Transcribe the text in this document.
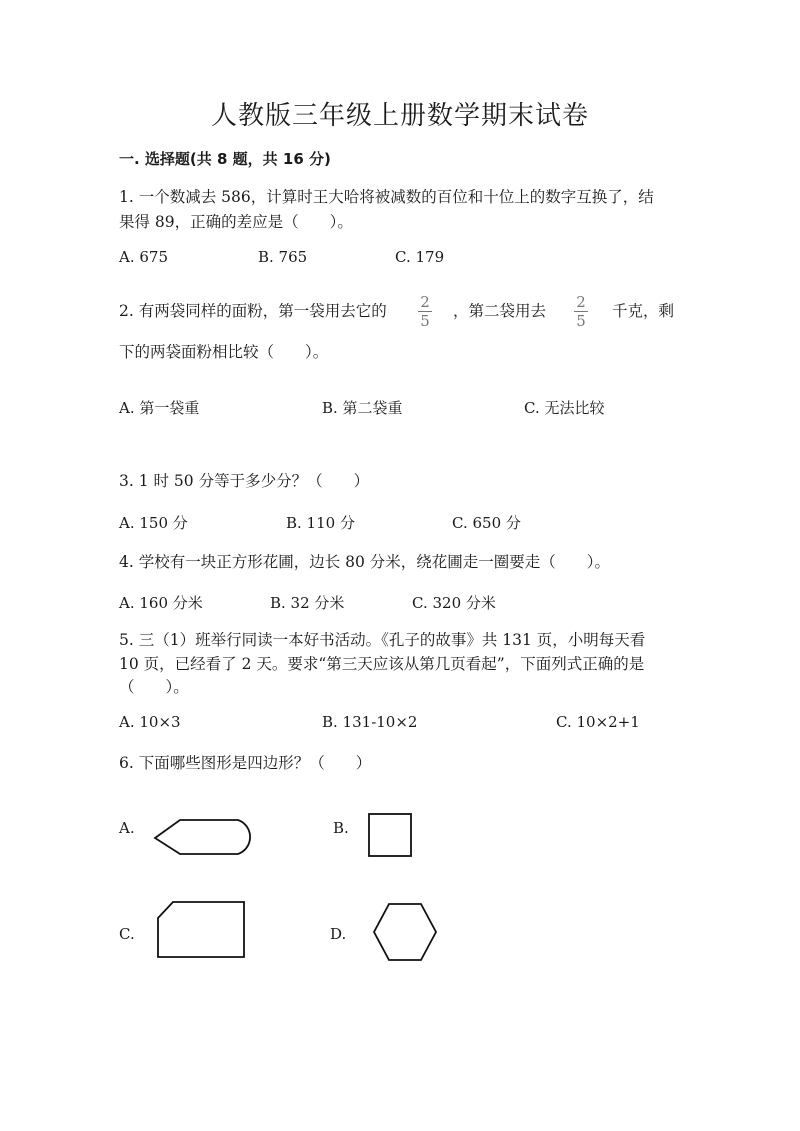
人教版三年级上册数学期末试卷
一. 选择题(共 8 题，共 16 分)
1. 一个数减去 586，计算时王大哈将被减数的百位和十位上的数字互换了，结
果得 89，正确的差应是（　　）。
A. 675	B. 765	C. 179
2. 有两袋同样的面粉，第一袋用去它的 2
5
，第二袋用去 2
5
千克，剩
下的两袋面粉相比较（　　）。
A. 第一袋重	B. 第二袋重	C. 无法比较
3. 1 时 50 分等于多少分？（　　）
A. 150 分	B. 110 分	C. 650 分
4. 学校有一块正方形花圃，边长 80 分米，绕花圃走一圈要走（　　）。
A. 160 分米	B. 32 分米	C. 320 分米
5. 三（1）班举行同读一本好书活动。《孔子的故事》共 131 页，小明每天看
10 页，已经看了 2 天。要求“第三天应该从第几页看起”，下面列式正确的是
（　　）。
A. 10×3	B. 131-10×2	C. 10×2+1
6. 下面哪些图形是四边形？（　　）
A.	B.
C.	D.
